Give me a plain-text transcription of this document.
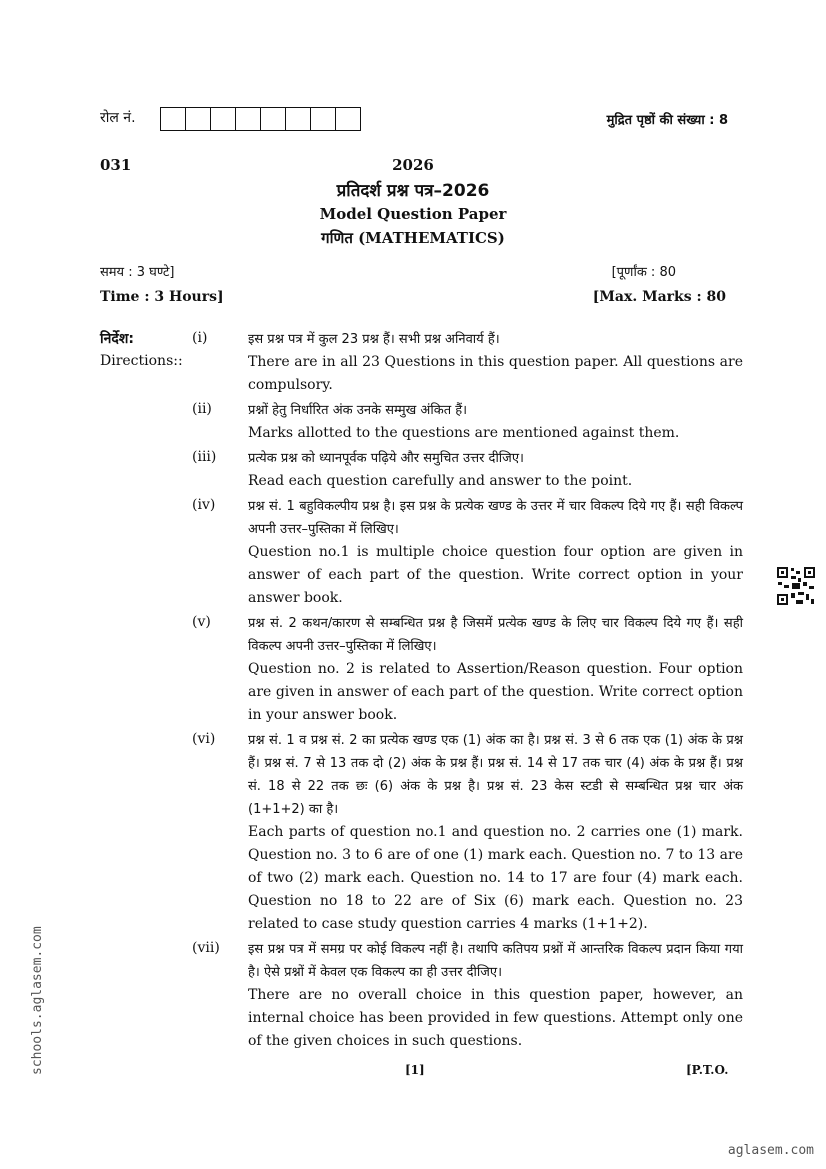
रोल नं.	मुद्रित पृष्ठों की संख्या : 8
031	2026
प्रतिदर्श प्रश्न पत्र–2026
Model Question Paper
गणित (MATHEMATICS)
समय : 3 घण्टे]	[पूर्णांक : 80
Time : 3 Hours]	[Max. Marks : 80
निर्देश:
Directions::
(i)	इस प्रश्न पत्र में कुल 23 प्रश्न हैं। सभी प्रश्न अनिवार्य हैं।
There are in all 23 Questions in this question paper. All questions are compulsory.
(ii)	प्रश्नों हेतु निर्धारित अंक उनके सम्मुख अंकित हैं।
Marks allotted to the questions are mentioned against them.
(iii)	प्रत्येक प्रश्न को ध्यानपूर्वक पढ़िये और समुचित उत्तर दीजिए।
Read each question carefully and answer to the point.
(iv)	प्रश्न सं. 1 बहुविकल्पीय प्रश्न है। इस प्रश्न के प्रत्येक खण्ड के उत्तर में चार विकल्प दिये गए हैं। सही विकल्प अपनी उत्तर–पुस्तिका में लिखिए।
Question no.1 is multiple choice question four option are given in answer of each part of the question. Write correct option in your answer book.
(v)	प्रश्न सं. 2 कथन/कारण से सम्बन्धित प्रश्न है जिसमें प्रत्येक खण्ड के लिए चार विकल्प दिये गए हैं। सही विकल्प अपनी उत्तर–पुस्तिका में लिखिए।
Question no. 2 is related to Assertion/Reason question. Four option are given in answer of each part of the question. Write correct option in your answer book.
(vi)	प्रश्न सं. 1 व प्रश्न सं. 2 का प्रत्येक खण्ड एक (1) अंक का है। प्रश्न सं. 3 से 6 तक एक (1) अंक के प्रश्न हैं। प्रश्न सं. 7 से 13 तक दो (2) अंक के प्रश्न हैं। प्रश्न सं. 14 से 17 तक चार (4) अंक के प्रश्न हैं। प्रश्न सं. 18 से 22 तक छः (6) अंक के प्रश्न है। प्रश्न सं. 23 केस स्टडी से सम्बन्धित प्रश्न चार अंक (1+1+2) का है।
Each parts of question no.1 and question no. 2 carries one (1) mark. Question no. 3 to 6 are of one (1) mark each. Question no. 7 to 13 are of two (2) mark each. Question no. 14 to 17 are four (4) mark each. Question no 18 to 22 are of Six (6) mark each. Question no. 23 related to case study question carries 4 marks (1+1+2).
(vii)	इस प्रश्न पत्र में समग्र पर कोई विकल्प नहीं है। तथापि कतिपय प्रश्नों में आन्तरिक विकल्प प्रदान किया गया है। ऐसे प्रश्नों में केवल एक विकल्प का ही उत्तर दीजिए।
There are no overall choice in this question paper, however, an internal choice has been provided in few questions. Attempt only one of the given choices in such questions.
[1]	[P.T.O.
schools.aglasem.com
aglasem.com
